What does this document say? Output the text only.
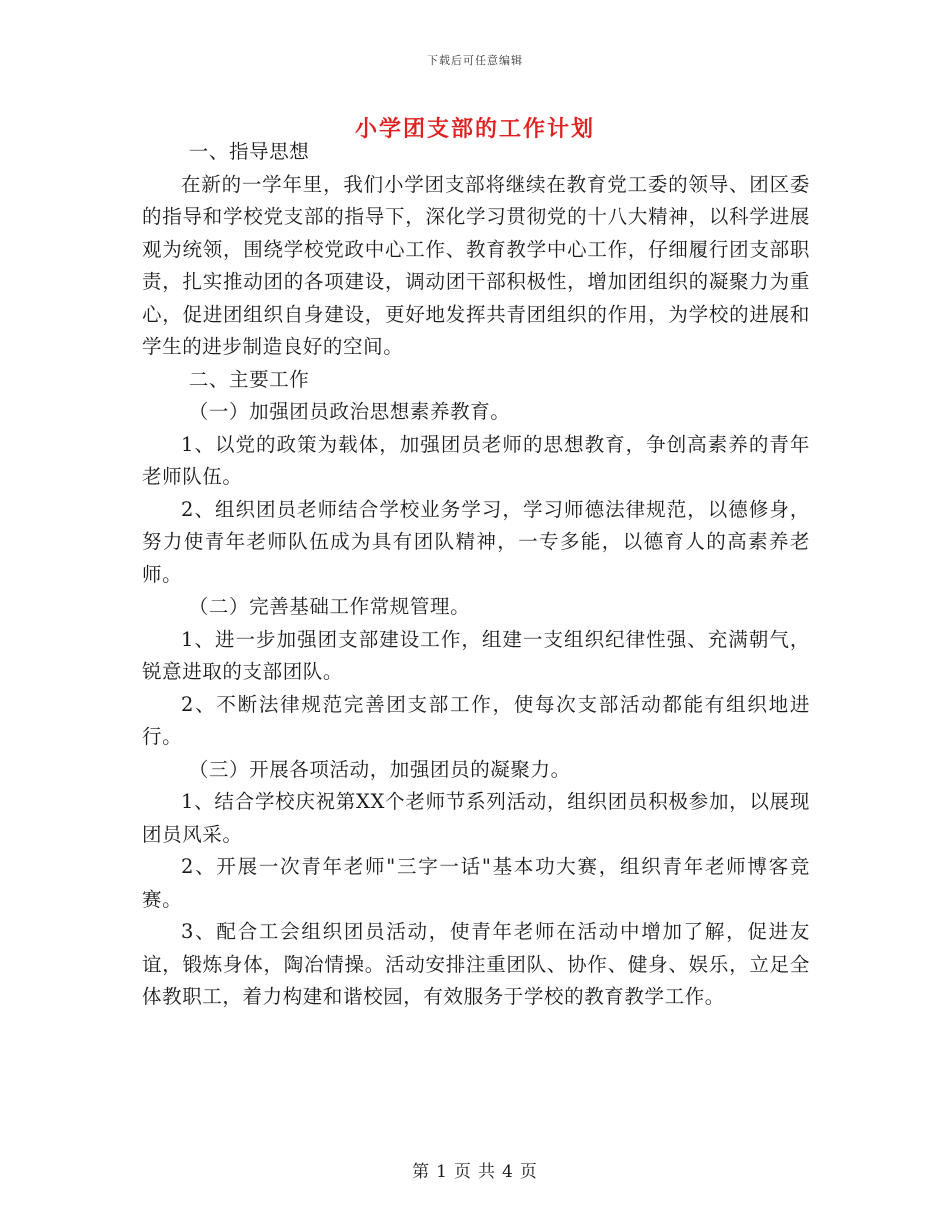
下载后可任意编辑
小学团支部的工作计划

一、指导思想

在新的一学年里，我们小学团支部将继续在教育党工委的领导、团区委的指导和学校党支部的指导下，深化学习贯彻党的十八大精神，以科学进展观为统领，围绕学校党政中心工作、教育教学中心工作，仔细履行团支部职责，扎实推动团的各项建设，调动团干部积极性，增加团组织的凝聚力为重心，促进团组织自身建设，更好地发挥共青团组织的作用，为学校的进展和学生的进步制造良好的空间。

二、主要工作

（一）加强团员政治思想素养教育。

1、以党的政策为载体，加强团员老师的思想教育，争创高素养的青年老师队伍。

2、组织团员老师结合学校业务学习，学习师德法律规范，以德修身，努力使青年老师队伍成为具有团队精神，一专多能，以德育人的高素养老师。

（二）完善基础工作常规管理。

1、进一步加强团支部建设工作，组建一支组织纪律性强、充满朝气，锐意进取的支部团队。

2、不断法律规范完善团支部工作，使每次支部活动都能有组织地进行。

（三）开展各项活动，加强团员的凝聚力。

1、结合学校庆祝第XX个老师节系列活动，组织团员积极参加，以展现团员风采。

2、开展一次青年老师"三字一话"基本功大赛，组织青年老师博客竞赛。

3、配合工会组织团员活动，使青年老师在活动中增加了解，促进友谊，锻炼身体，陶冶情操。活动安排注重团队、协作、健身、娱乐，立足全体教职工，着力构建和谐校园，有效服务于学校的教育教学工作。

第 1 页 共 4 页
